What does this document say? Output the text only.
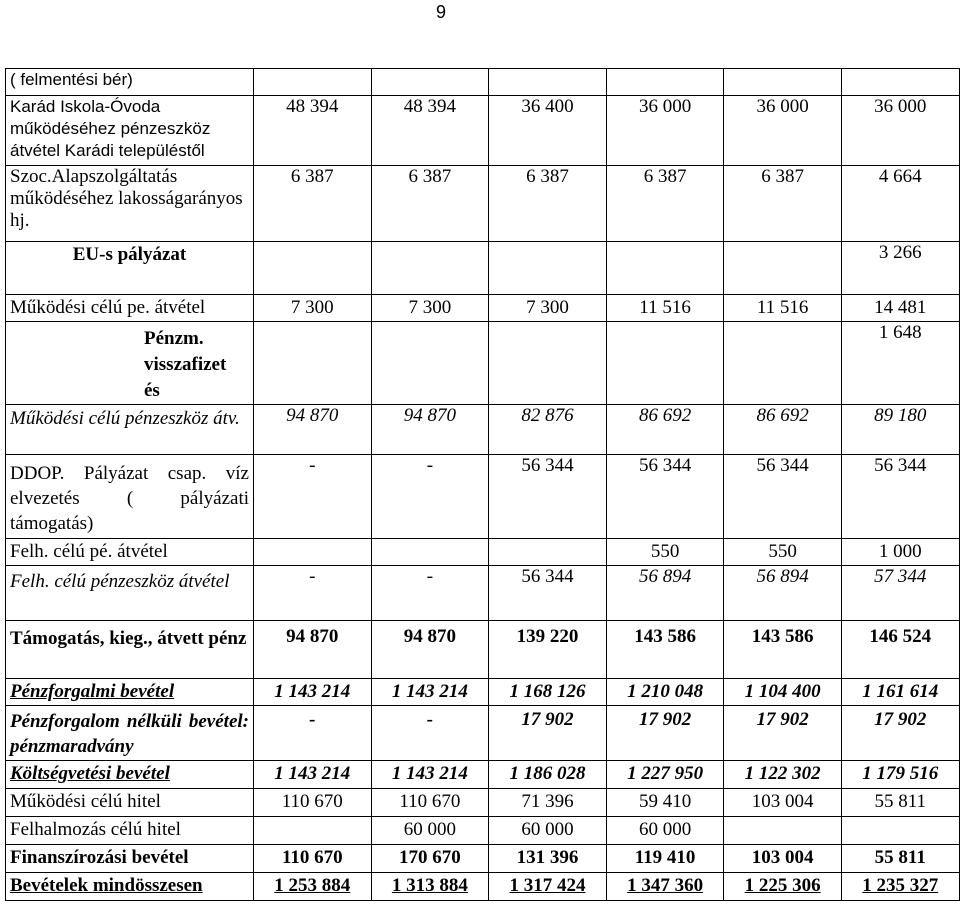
9
( felmentési bér)						
Karád Iskola-Óvoda működéséhez pénzeszköz átvétel Karádi településtől	48 394	48 394	36 400	36 000	36 000	36 000
Szoc.Alapszolgáltatás működéséhez lakosságarányos hj.	6 387	6 387	6 387	6 387	6 387	4 664
EU-s pályázat						3 266
Működési célú pe. átvétel	7 300	7 300	7 300	11 516	11 516	14 481
Pénzm. visszafizet és						1 648
Működési célú pénzeszköz átv.	94 870	94 870	82 876	86 692	86 692	89 180
DDOP. Pályázat csap. víz elvezetés ( pályázati támogatás)	-	-	56 344	56 344	56 344	56 344
Felh. célú pé. átvétel				550	550	1 000
Felh. célú pénzeszköz átvétel	-	-	56 344	56 894	56 894	57 344
Támogatás, kieg., átvett pénz	94 870	94 870	139 220	143 586	143 586	146 524
Pénzforgalmi bevétel	1 143 214	1 143 214	1 168 126	1 210 048	1 104 400	1 161 614
Pénzforgalom nélküli bevétel: pénzmaradvány	-	-	17 902	17 902	17 902	17 902
Költségvetési bevétel	1 143 214	1 143 214	1 186 028	1 227 950	1 122 302	1 179 516
Működési célú hitel	110 670	110 670	71 396	59 410	103 004	55 811
Felhalmozás célú hitel		60 000	60 000	60 000		
Finanszírozási bevétel	110 670	170 670	131 396	119 410	103 004	55 811
Bevételek mindösszesen	1 253 884	1 313 884	1 317 424	1 347 360	1 225 306	1 235 327
